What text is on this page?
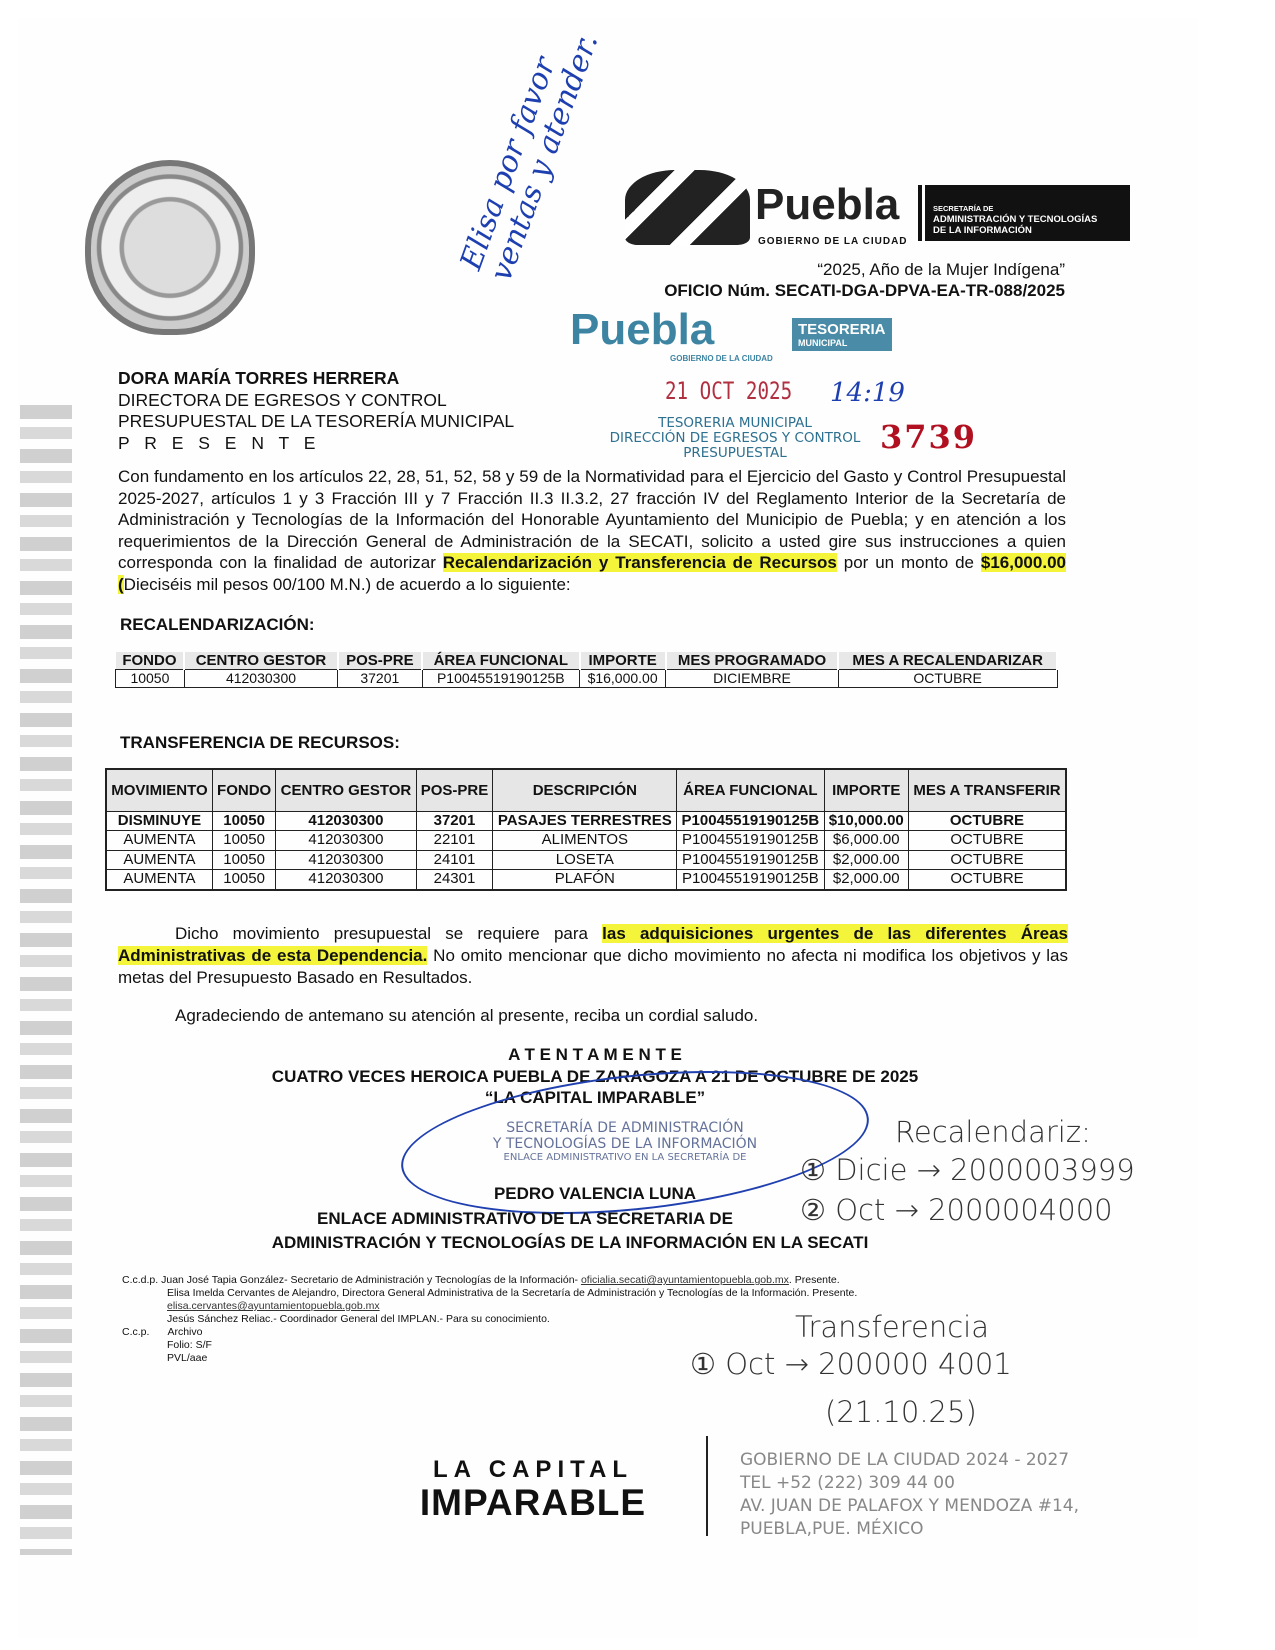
Elisa por favor ventas y atender.	Puebla
GOBIERNO DE LA CIUDAD
SECRETARÍA DE
ADMINISTRACIÓN Y TECNOLOGÍAS
DE LA INFORMACIÓN
“2025, Año de la Mujer Indígena”
OFICIO Núm. SECATI-DGA-DPVA-EA-TR-088/2025
Puebla	TESORERIA
MUNICIPAL
GOBIERNO DE LA CIUDAD
21 OCT 2025 14:19
3739
TESORERIA MUNICIPAL
DIRECCIÓN DE EGRESOS Y CONTROL
PRESUPUESTAL
DORA MARÍA TORRES HERRERA
DIRECTORA DE EGRESOS Y CONTROL
PRESUPUESTAL DE LA TESORERÍA MUNICIPAL
P R E S E N T E
Con fundamento en los artículos 22, 28, 51, 52, 58 y 59 de la Normatividad para el Ejercicio del Gasto y Control Presupuestal 2025-2027, artículos 1 y 3 Fracción III y 7 Fracción II.3 II.3.2, 27 fracción IV del Reglamento Interior de la Secretaría de Administración y Tecnologías de la Información del Honorable Ayuntamiento del Municipio de Puebla; y en atención a los requerimientos de la Dirección General de Administración de la SECATI, solicito a usted gire sus instrucciones a quien corresponda con la finalidad de autorizar Recalendarización y Transferencia de Recursos por un monto de $16,000.00 (Dieciséis mil pesos 00/100 M.N.) de acuerdo a lo siguiente:
RECALENDARIZACIÓN:
FONDO	CENTRO GESTOR	POS-PRE	ÁREA FUNCIONAL	IMPORTE	MES PROGRAMADO	MES A RECALENDARIZAR
10050	412030300	37201	P10045519190125B	$16,000.00	DICIEMBRE	OCTUBRE
TRANSFERENCIA DE RECURSOS:
MOVIMIENTO	FONDO	CENTRO GESTOR	POS-PRE	DESCRIPCIÓN	ÁREA FUNCIONAL	IMPORTE	MES A TRANSFERIR
DISMINUYE	10050	412030300	37201	PASAJES TERRESTRES	P10045519190125B	$10,000.00	OCTUBRE
AUMENTA	10050	412030300	22101	ALIMENTOS	P10045519190125B	$6,000.00	OCTUBRE
AUMENTA	10050	412030300	24101	LOSETA	P10045519190125B	$2,000.00	OCTUBRE
AUMENTA	10050	412030300	24301	PLAFÓN	P10045519190125B	$2,000.00	OCTUBRE
Dicho movimiento presupuestal se requiere para las adquisiciones urgentes de las diferentes Áreas Administrativas de esta Dependencia. No omito mencionar que dicho movimiento no afecta ni modifica los objetivos y las metas del Presupuesto Basado en Resultados.
Agradeciendo de antemano su atención al presente, reciba un cordial saludo.
A T E N T A M E N T E
CUATRO VECES HEROICA PUEBLA DE ZARAGOZA A 21 DE OCTUBRE DE 2025
“LA CAPITAL IMPARABLE”
SECRETARÍA DE ADMINISTRACIÓN
Y TECNOLOGÍAS DE LA INFORMACIÓN
ENLACE ADMINISTRATIVO EN LA SECRETARÍA DE
PEDRO VALENCIA LUNA
ENLACE ADMINISTRATIVO DE LA SECRETARIA DE
ADMINISTRACIÓN Y TECNOLOGÍAS DE LA INFORMACIÓN EN LA SECATI
Recalendariz:
① Dicie → 2000003999
② Oct → 2000004000
Transferencia
① Oct → 200000 4001
(21.10.25)
C.c.d.p. Juan José Tapia González- Secretario de Administración y Tecnologías de la Información- oficialia.secati@ayuntamientopuebla.gob.mx. Presente.
Elisa Imelda Cervantes de Alejandro, Directora General Administrativa de la Secretaría de Administración y Tecnologías de la Información. Presente.
elisa.cervantes@ayuntamientopuebla.gob.mx
Jesús Sánchez Reliac.- Coordinador General del IMPLAN.- Para su conocimiento.
C.c.p. Archivo
Folio: S/F
PVL/aae
LA CAPITAL
IMPARABLE
GOBIERNO DE LA CIUDAD 2024 - 2027
TEL +52 (222) 309 44 00
AV. JUAN DE PALAFOX Y MENDOZA #14,
PUEBLA,PUE. MÉXICO
